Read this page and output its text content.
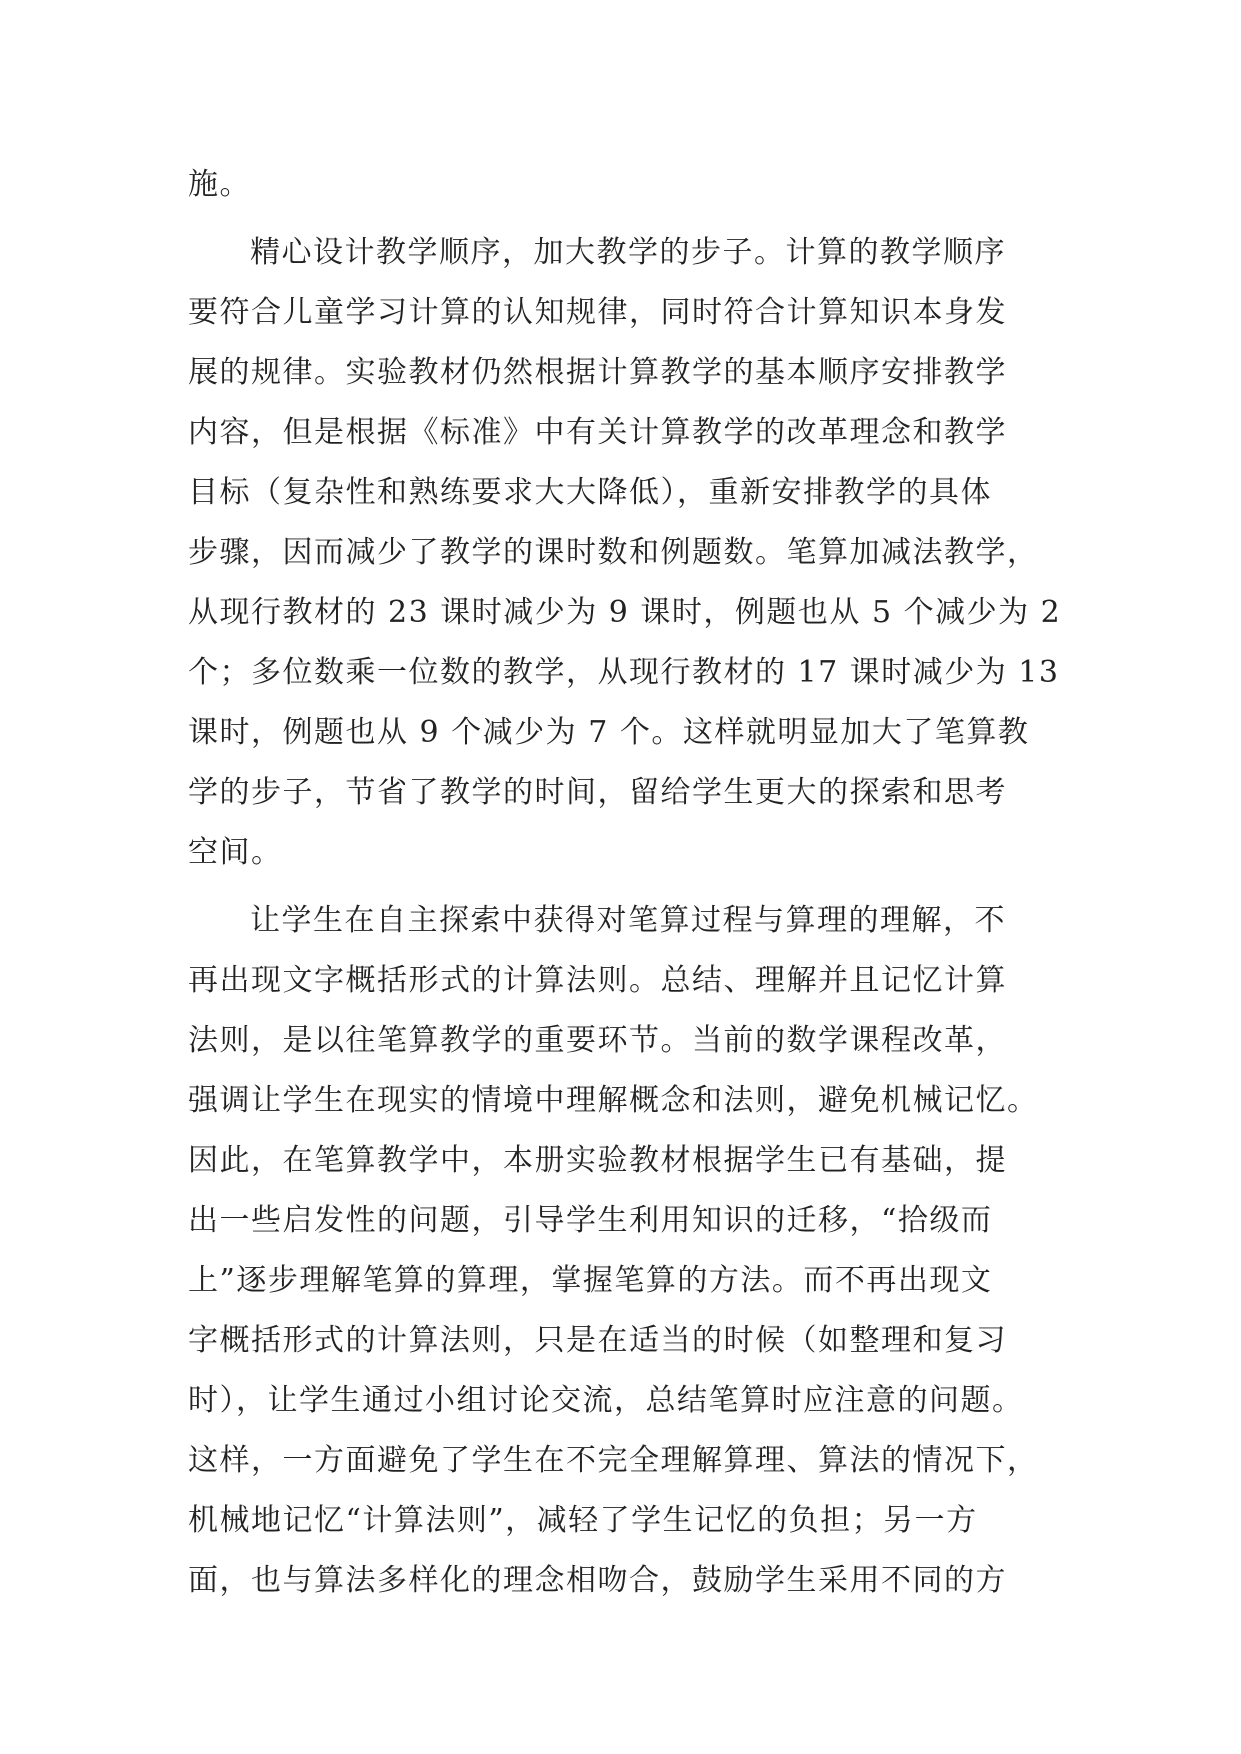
施。
精心设计教学顺序，加大教学的步子。计算的教学顺序
要符合儿童学习计算的认知规律，同时符合计算知识本身发
展的规律。实验教材仍然根据计算教学的基本顺序安排教学
内容，但是根据《标准》中有关计算教学的改革理念和教学
目标（复杂性和熟练要求大大降低），重新安排教学的具体
步骤，因而减少了教学的课时数和例题数。笔算加减法教学，
从现行教材的 23 课时减少为 9 课时，例题也从 5 个减少为 2
个；多位数乘一位数的教学，从现行教材的 17 课时减少为 13
课时，例题也从 9 个减少为 7 个。这样就明显加大了笔算教
学的步子，节省了教学的时间，留给学生更大的探索和思考
空间。
让学生在自主探索中获得对笔算过程与算理的理解，不
再出现文字概括形式的计算法则。总结、理解并且记忆计算
法则，是以往笔算教学的重要环节。当前的数学课程改革，
强调让学生在现实的情境中理解概念和法则，避免机械记忆。
因此，在笔算教学中，本册实验教材根据学生已有基础，提
出一些启发性的问题，引导学生利用知识的迁移，“拾级而
上”逐步理解笔算的算理，掌握笔算的方法。而不再出现文
字概括形式的计算法则，只是在适当的时候（如整理和复习
时），让学生通过小组讨论交流，总结笔算时应注意的问题。
这样，一方面避免了学生在不完全理解算理、算法的情况下，
机械地记忆“计算法则”，减轻了学生记忆的负担；另一方
面，也与算法多样化的理念相吻合，鼓励学生采用不同的方
